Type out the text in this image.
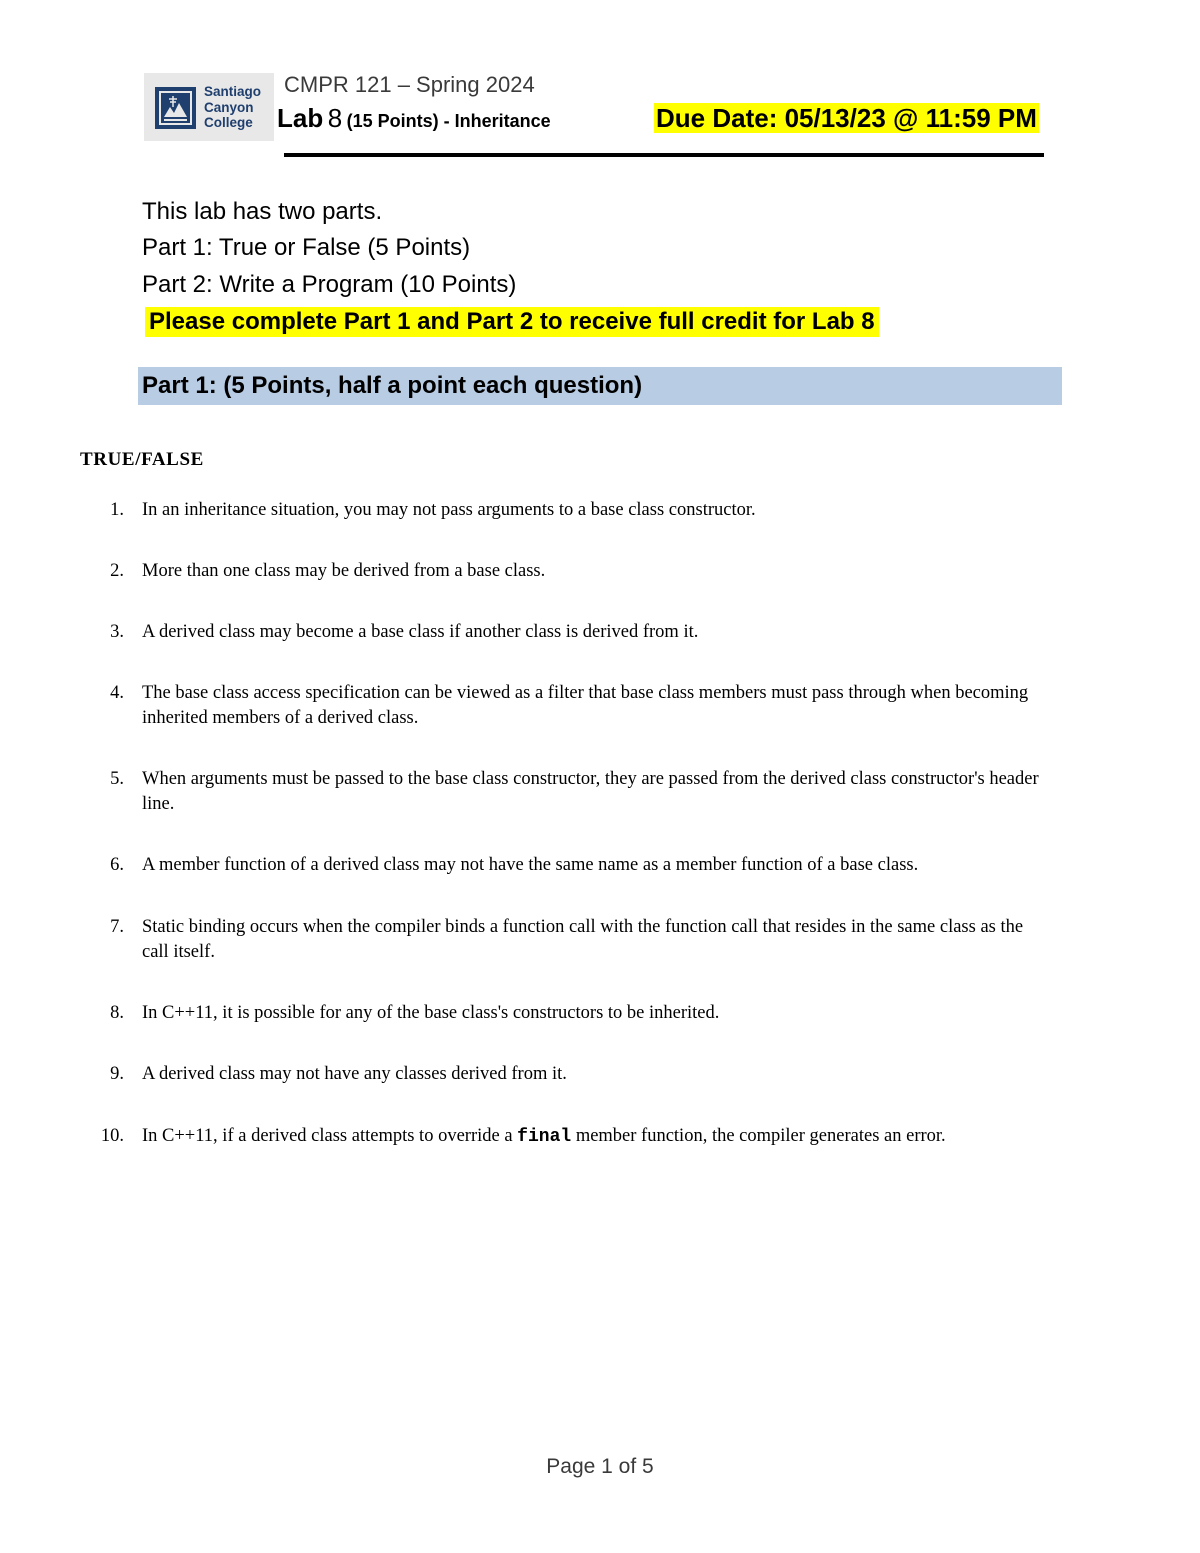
Santiago
Canyon
College
CMPR 121 – Spring 2024
Lab 8 (15 Points) - Inheritance	Due Date: 05/13/23 @ 11:59 PM
This lab has two parts.
Part 1: True or False (5 Points)
Part 2: Write a Program (10 Points)
Please complete Part 1 and Part 2 to receive full credit for Lab 8
Part 1: (5 Points, half a point each question)
TRUE/FALSE
1. In an inheritance situation, you may not pass arguments to a base class constructor.
2. More than one class may be derived from a base class.
3. A derived class may become a base class if another class is derived from it.
4. The base class access specification can be viewed as a filter that base class members must pass through when becoming inherited members of a derived class.
5. When arguments must be passed to the base class constructor, they are passed from the derived class constructor's header line.
6. A member function of a derived class may not have the same name as a member function of a base class.
7. Static binding occurs when the compiler binds a function call with the function call that resides in the same class as the call itself.
8. In C++11, it is possible for any of the base class's constructors to be inherited.
9. A derived class may not have any classes derived from it.
10. In C++11, if a derived class attempts to override a final member function, the compiler generates an error.
Page 1 of 5
